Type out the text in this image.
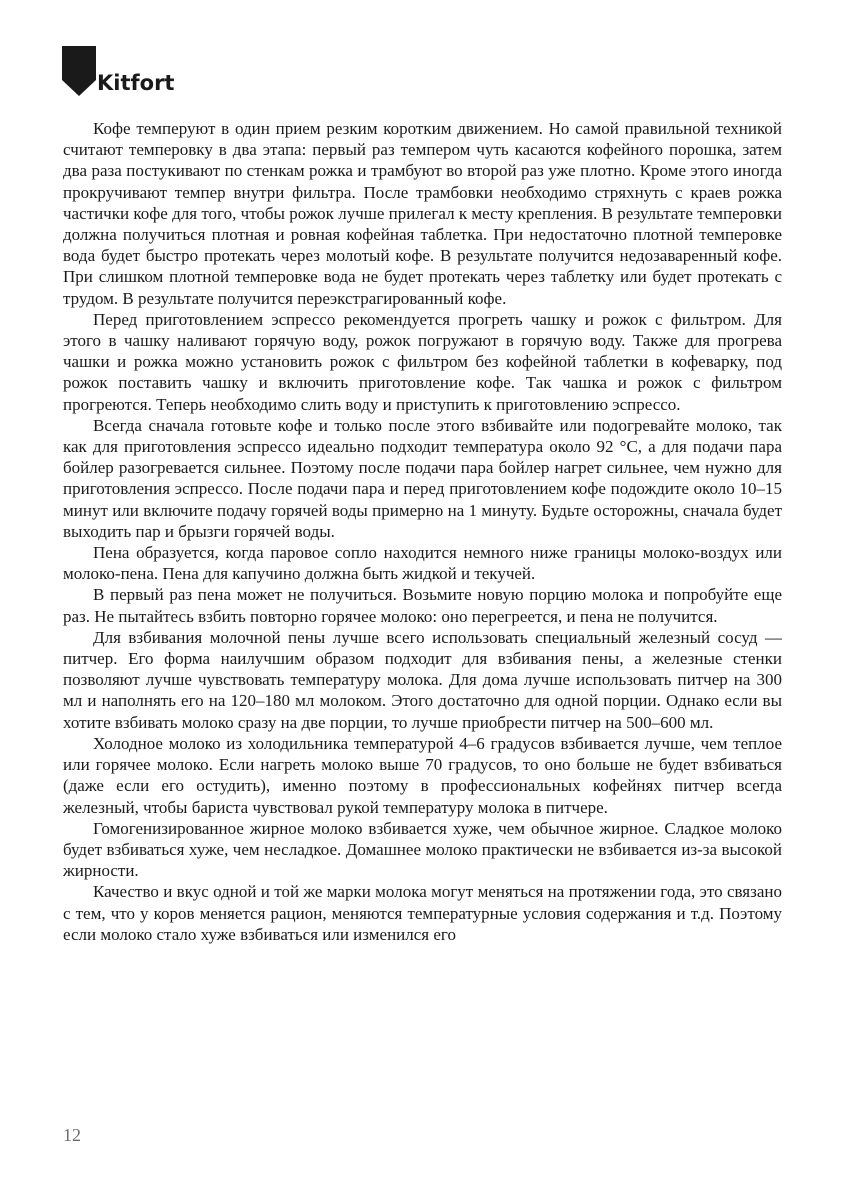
Kitfort

Кофе темперуют в один прием резким коротким движением. Но самой правильной техникой считают темперовку в два этапа: первый раз темпером чуть касаются кофейного порошка, затем два раза постукивают по стенкам рожка и трамбуют во второй раз уже плотно. Кроме этого иногда прокручивают темпер внутри фильтра. После трамбовки необходимо стряхнуть с краев рожка частички кофе для того, чтобы рожок лучше прилегал к месту крепления. В результате темперовки должна получиться плотная и ровная кофейная таблетка. При недостаточно плотной темперовке вода будет быстро протекать через молотый кофе. В результате получится недозаваренный кофе. При слишком плотной темперовке вода не будет протекать через таблетку или будет протекать с трудом. В результате получится переэкстрагированный кофе.

Перед приготовлением эспрессо рекомендуется прогреть чашку и рожок с фильтром. Для этого в чашку наливают горячую воду, рожок погружают в горячую воду. Также для прогрева чашки и рожка можно установить рожок с фильтром без кофейной таблетки в кофеварку, под рожок поставить чашку и включить приготовление кофе. Так чашка и рожок с фильтром прогреются. Теперь необходимо слить воду и приступить к приготовлению эспрессо.

Всегда сначала готовьте кофе и только после этого взбивайте или подогревайте молоко, так как для приготовления эспрессо идеально подходит температура около 92 °C, а для подачи пара бойлер разогревается сильнее. Поэтому после подачи пара бойлер нагрет сильнее, чем нужно для приготовления эспрессо. После подачи пара и перед приготовлением кофе подождите около 10–15 минут или включите подачу горячей воды примерно на 1 минуту. Будьте осторожны, сначала будет выходить пар и брызги горячей воды.

Пена образуется, когда паровое сопло находится немного ниже границы молоко-воздух или молоко-пена. Пена для капучино должна быть жидкой и текучей.

В первый раз пена может не получиться. Возьмите новую порцию молока и попробуйте еще раз. Не пытайтесь взбить повторно горячее молоко: оно перегреется, и пена не получится.

Для взбивания молочной пены лучше всего использовать специальный железный сосуд — питчер. Его форма наилучшим образом подходит для взбивания пены, а железные стенки позволяют лучше чувствовать температуру молока. Для дома лучше использовать питчер на 300 мл и наполнять его на 120–180 мл молоком. Этого достаточно для одной порции. Однако если вы хотите взбивать молоко сразу на две порции, то лучше приобрести питчер на 500–600 мл.

Холодное молоко из холодильника температурой 4–6 градусов взбивается лучше, чем теплое или горячее молоко. Если нагреть молоко выше 70 градусов, то оно больше не будет взбиваться (даже если его остудить), именно поэтому в профессиональных кофейнях питчер всегда железный, чтобы бариста чувствовал рукой температуру молока в питчере.

Гомогенизированное жирное молоко взбивается хуже, чем обычное жирное. Сладкое молоко будет взбиваться хуже, чем несладкое. Домашнее молоко практически не взбивается из-за высокой жирности.

Качество и вкус одной и той же марки молока могут меняться на протяжении года, это связано с тем, что у коров меняется рацион, меняются температурные условия содержания и т.д. Поэтому если молоко стало хуже взбиваться или изменился его

12
